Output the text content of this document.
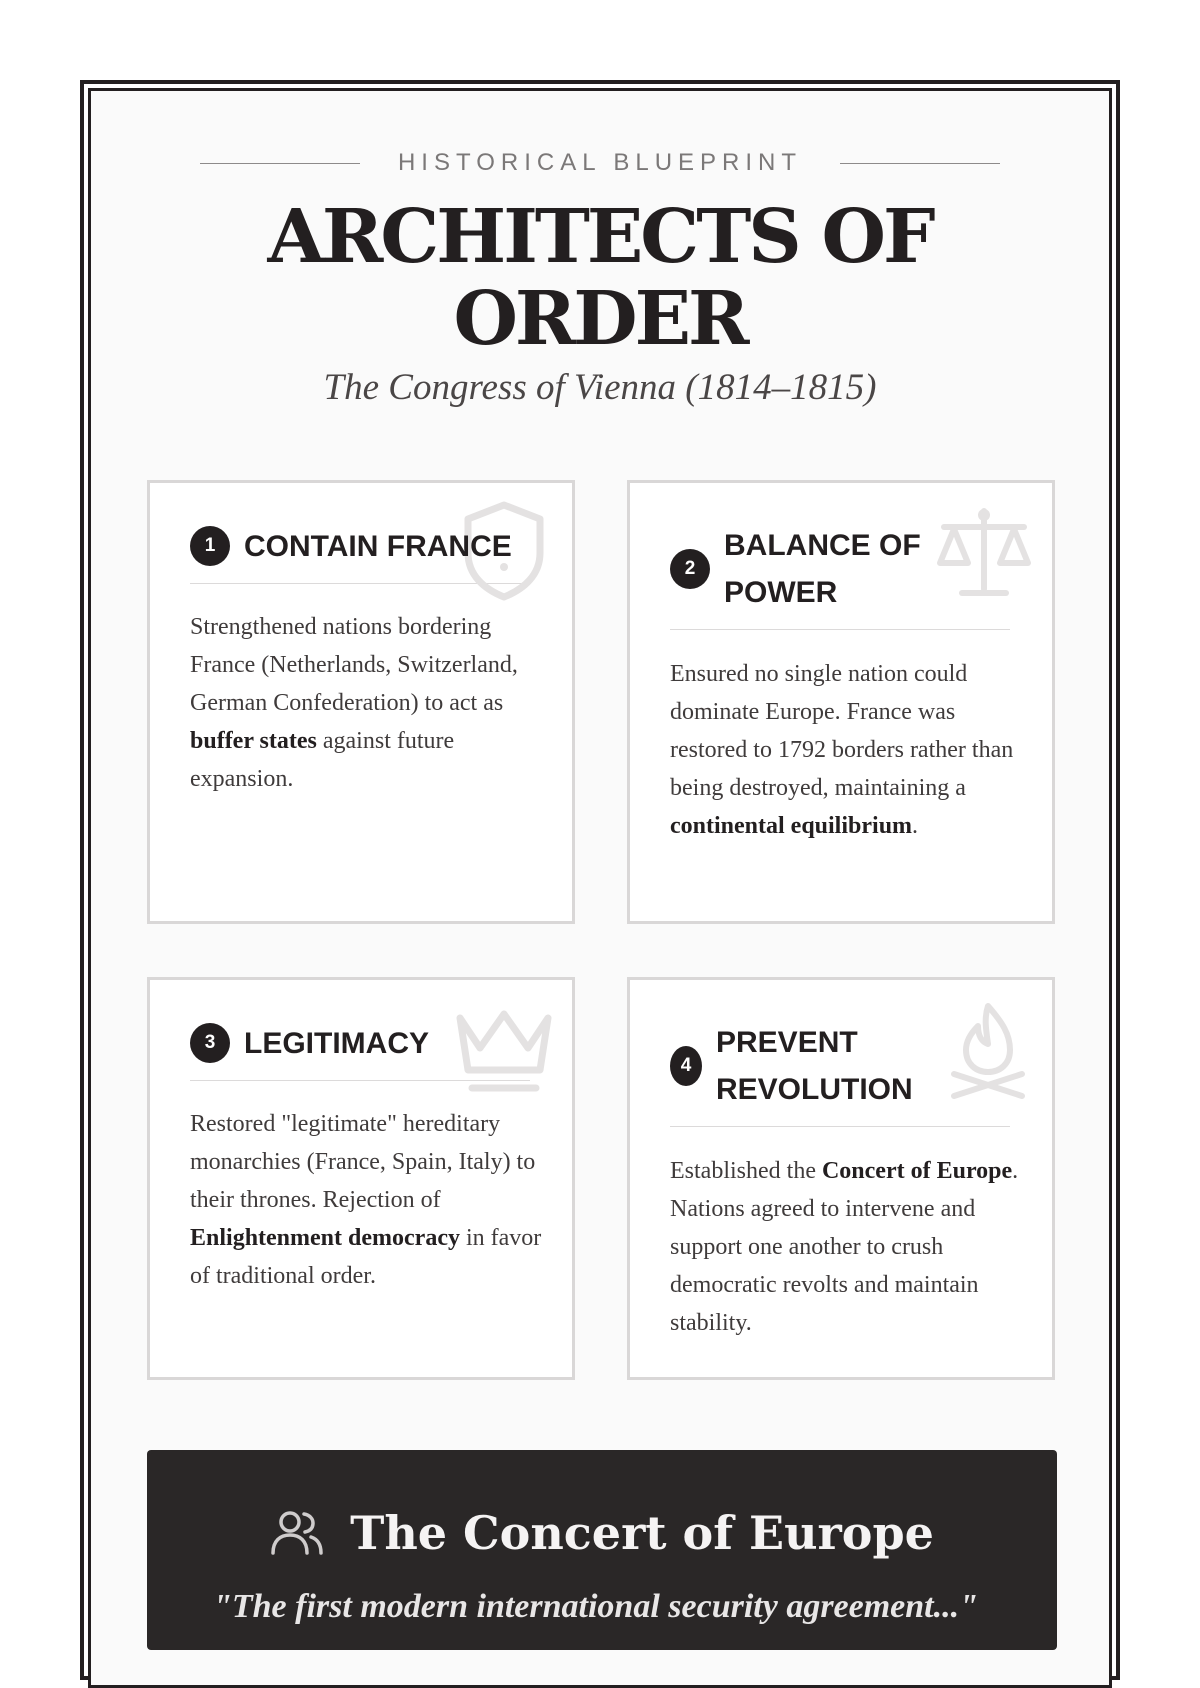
HISTORICAL BLUEPRINT
ARCHITECTS OF
ORDER
The Congress of Vienna (1814–1815)
1 CONTAIN FRANCE
Strengthened nations bordering France (Netherlands, Switzerland, German Confederation) to act as buffer states against future expansion.
2
BALANCE OF
POWER
Ensured no single nation could dominate Europe. France was restored to 1792 borders rather than being destroyed, maintaining a continental equilibrium.
3 LEGITIMACY
Restored "legitimate" hereditary monarchies (France, Spain, Italy) to their thrones. Rejection of Enlightenment democracy in favor of traditional order.
4
PREVENT
REVOLUTION
Established the Concert of Europe. Nations agreed to intervene and support one another to crush democratic revolts and maintain stability.
The Concert of Europe
"The first modern international security agreement..."
